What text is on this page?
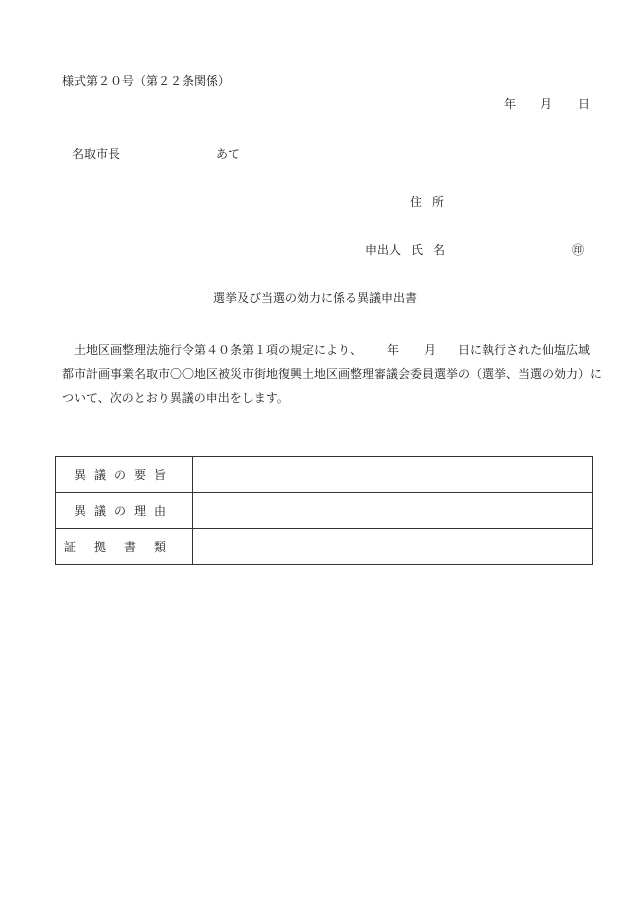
様式第２０号（第２２条関係）
年 月 日
名取市長	あて
住所
申出人 氏名	㊞
選挙及び当選の効力に係る異議申出書
土地区画整理法施行令第４０条第１項の規定により、 年 月 日に執行された仙塩広域
都市計画事業名取市〇〇地区被災市街地復興土地区画整理審議会委員選挙の（選挙、当選の効力）に
ついて、次のとおり異議の申出をします。
異議の要旨	
異議の理由	
証拠書類	
